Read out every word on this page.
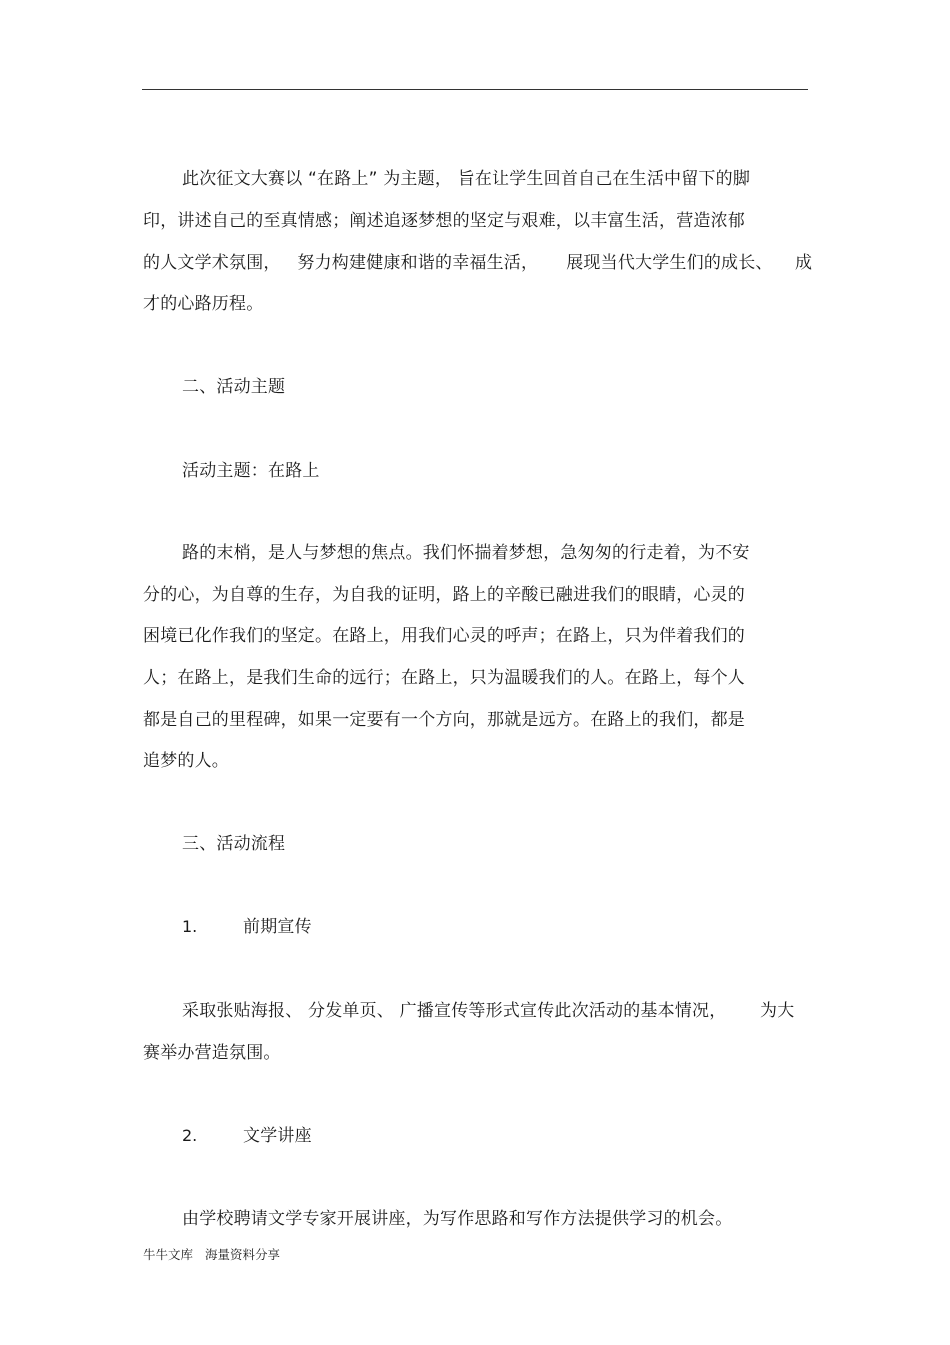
此次征文大赛以 “在路上” 为主题， 旨在让学生回首自己在生活中留下的脚
印，讲述自己的至真情感；阐述追逐梦想的坚定与艰难，以丰富生活，营造浓郁
的人文学术氛围，   努力构建健康和谐的幸福生活，     展现当代大学生们的成长、    成
才的心路历程。
二、活动主题
活动主题：在路上
路的末梢，是人与梦想的焦点。我们怀揣着梦想，急匆匆的行走着，为不安
分的心，为自尊的生存，为自我的证明，路上的辛酸已融进我们的眼睛，心灵的
困境已化作我们的坚定。在路上，用我们心灵的呼声；在路上，只为伴着我们的
人；在路上，是我们生命的远行；在路上，只为温暖我们的人。在路上，每个人
都是自己的里程碑，如果一定要有一个方向，那就是远方。在路上的我们，都是
追梦的人。
三、活动流程
1.	前期宣传
采取张贴海报、 分发单页、 广播宣传等形式宣传此次活动的基本情况，      为大
赛举办营造氛围。
2.	文学讲座
由学校聘请文学专家开展讲座，为写作思路和写作方法提供学习的机会。
牛牛文库 海量资料分享
